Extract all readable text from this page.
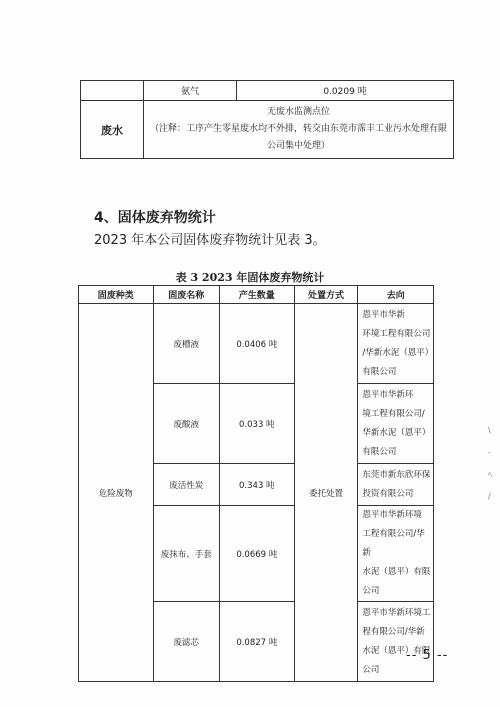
	氨气	0.0209 吨
废水	无废水监测点位
（注释：工序产生零星废水均不外排，转交由东莞市霈丰工业污水处理有限
公司集中处理）	
4、固体废弃物统计
2023 年本公司固体废弃物统计见表 3。
表 3 2023 年固体废弃物统计
固废种类	固废名称	产生数量	处置方式	去向
危险废物	废槽液	0.0406 吨	委托处置	恩平市华新
环境工程有限公司
/华新水泥（恩平）
有限公司

	废酸液	0.033 吨		恩平市华新环
境工程有限公司/
华新水泥（恩平）
有限公司

	废活性炭	0.343 吨		东莞市新东欣环保
投资有限公司

	废抹布、手套	0.0669 吨		恩平市华新环境
工程有限公司/华新
水泥（恩平）有限
公司

	废滤芯	0.0827 吨		恩平市华新环境工
程有限公司/华新
水泥（恩平）有限
公司
\
-
ﾍ
/
-- 5 --
